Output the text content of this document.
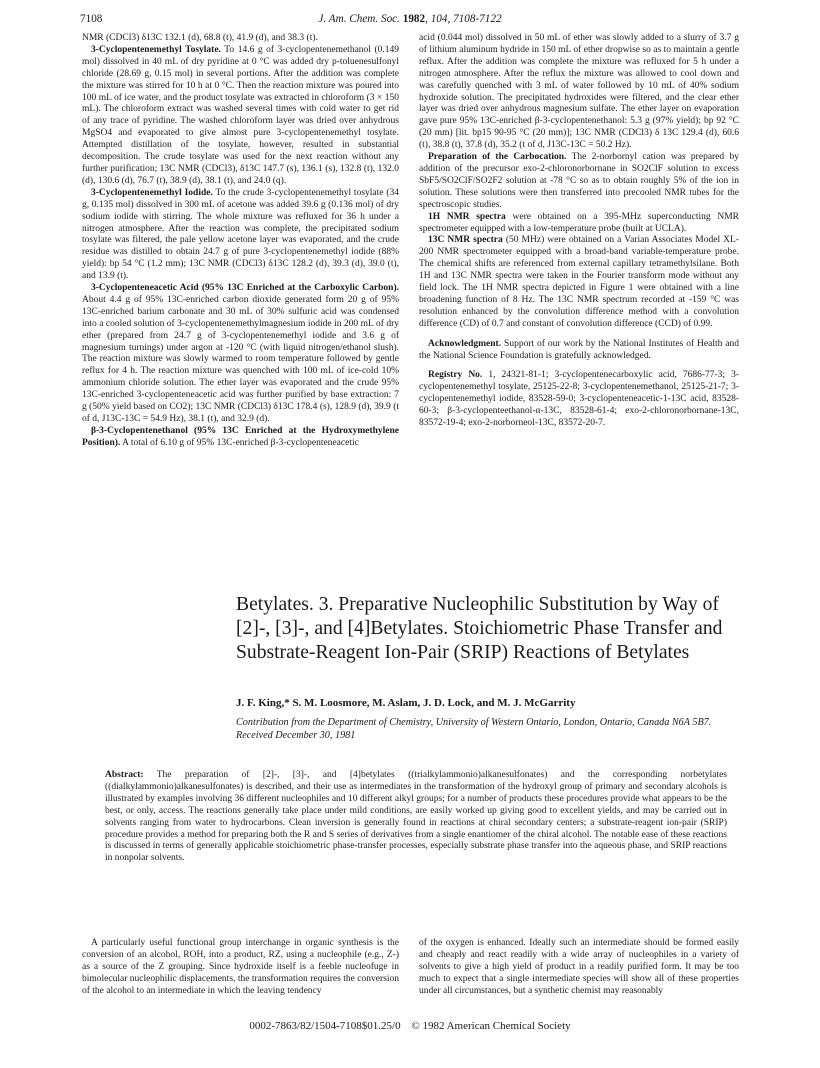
7108	J. Am. Chem. Soc. 1982, 104, 7108-7122

NMR (CDCl3) δ13C 132.1 (d), 68.8 (t), 41.9 (d), and 38.3 (t).

3-Cyclopentenemethyl Tosylate. To 14.6 g of 3-cyclopentenemethanol (0.149 mol) dissolved in 40 mL of dry pyridine at 0 °C was added dry p-toluenesulfonyl chloride (28.69 g, 0.15 mol) in several portions. After the addition was complete the mixture was stirred for 10 h at 0 °C. Then the reaction mixture was poured into 100 mL of ice water, and the product tosylate was extracted in chloroform (3 × 150 mL). The chloroform extract was washed several times with cold water to get rid of any trace of pyridine. The washed chloroform layer was dried over anhydrous MgSO4 and evaporated to give almost pure 3-cyclopentenemethyl tosylate. Attempted distillation of the tosylate, however, resulted in substantial decomposition. The crude tosylate was used for the next reaction without any further purification; 13C NMR (CDCl3), δ13C 147.7 (s), 136.1 (s), 132.8 (t), 132.0 (d), 130.6 (d), 76.7 (t), 38.9 (d), 38.1 (t), and 24.0 (q).

3-Cyclopentenemethyl Iodide. To the crude 3-cyclopentenemethyl tosylate (34 g, 0.135 mol) dissolved in 300 mL of acetone was added 39.6 g (0.136 mol) of dry sodium iodide with stirring. The whole mixture was refluxed for 36 h under a nitrogen atmosphere. After the reaction was complete, the precipitated sodium tosylate was filtered, the pale yellow acetone layer was evaporated, and the crude residue was distilled to obtain 24.7 g of pure 3-cyclopentenemethyl iodide (88% yield): bp 54 °C (1.2 mm); 13C NMR (CDCl3) δ13C 128.2 (d), 39.3 (d), 39.0 (t), and 13.9 (t).

3-Cyclopenteneacetic Acid (95% 13C Enriched at the Carboxylic Carbon). About 4.4 g of 95% 13C-enriched carbon dioxide generated form 20 g of 95% 13C-enriched barium carbonate and 30 mL of 30% sulfuric acid was condensed into a cooled solution of 3-cyclopentenemethylmagnesium iodide in 200 mL of dry ether (prepared from 24.7 g of 3-cyclopentenemethyl iodide and 3.6 g of magnesium turnings) under argon at -120 °C (with liquid nitrogen/ethanol slush). The reaction mixture was slowly warmed to room temperature followed by gentle reflux for 4 h. The reaction mixture was quenched with 100 mL of ice-cold 10% ammonium chloride solution. The ether layer was evaporated and the crude 95% 13C-enriched 3-cyclopenteneacetic acid was further purified by base extraction: 7 g (50% yield based on CO2); 13C NMR (CDCl3) δ13C 178.4 (s), 128.9 (d), 39.9 (t of d, J13C-13C = 54.9 Hz), 38.1 (t), and 32.9 (d).

β-3-Cyclopentenethanol (95% 13C Enriched at the Hydroxymethylene Position). A total of 6.10 g of 95% 13C-enriched β-3-cyclopenteneacetic

acid (0.044 mol) dissolved in 50 mL of ether was slowly added to a slurry of 3.7 g of lithium aluminum hydride in 150 mL of ether dropwise so as to maintain a gentle reflux. After the addition was complete the mixture was refluxed for 5 h under a nitrogen atmosphere. After the reflux the mixture was allowed to cool down and was carefully quenched with 3 mL of water followed by 10 mL of 40% sodium hydroxide solution. The precipitated hydroxides were filtered, and the clear ether layer was dried over anhydrous magnesium sulfate. The ether layer on evaporation gave pure 95% 13C-enriched β-3-cyclopentenethanol: 5.3 g (97% yield); bp 92 °C (20 mm) [lit. bp15 90-95 °C (20 mm)]; 13C NMR (CDCl3) δ 13C 129.4 (d), 60.6 (t), 38.8 (t), 37.8 (d), 35.2 (t of d, J13C-13C = 50.2 Hz).

Preparation of the Carbocation. The 2-norbornyl cation was prepared by addition of the precursor exo-2-chloronorbornane in SO2ClF solution to excess SbF5/SO2ClF/SO2F2 solution at -78 °C so as to obtain roughly 5% of the ion in solution. These solutions were then transferred into precooled NMR tubes for the spectroscopic studies.

1H NMR spectra were obtained on a 395-MHz superconducting NMR spectrometer equipped with a low-temperature probe (built at UCLA).

13C NMR spectra (50 MHz) were obtained on a Varian Associates Model XL-200 NMR spectrometer equipped with a broad-band variable-temperature probe. The chemical shifts are referenced from external capillary tetramethylsilane. Both 1H and 13C NMR spectra were taken in the Fourier transform mode without any field lock. The 1H NMR spectra depicted in Figure 1 were obtained with a line broadening function of 8 Hz. The 13C NMR spectrum recorded at -159 °C was resolution enhanced by the convolution difference method with a convolution difference (CD) of 0.7 and constant of convolution difference (CCD) of 0.99.

Acknowledgment. Support of our work by the National Institutes of Health and the National Science Foundation is gratefully acknowledged.

Registry No. 1, 24321-81-1; 3-cyclopentenecarboxylic acid, 7686-77-3; 3-cyclopentenemethyl tosylate, 25125-22-8; 3-cyclopentenemethanol, 25125-21-7; 3-cyclopentenemethyl iodide, 83528-59-0; 3-cyclopenteneacetic-1-13C acid, 83528-60-3; β-3-cyclopenteethanol-α-13C, 83528-61-4; exo-2-chloronorbornane-13C, 83572-19-4; exo-2-norborneol-13C, 83572-20-7.

Betylates. 3. Preparative Nucleophilic Substitution by Way of [2]-, [3]-, and [4]Betylates. Stoichiometric Phase Transfer and Substrate-Reagent Ion-Pair (SRIP) Reactions of Betylates
J. F. King,* S. M. Loosmore, M. Aslam, J. D. Lock, and M. J. McGarrity
Contribution from the Department of Chemistry, University of Western Ontario, London, Ontario, Canada N6A 5B7. Received December 30, 1981

Abstract: The preparation of [2]-, [3]-, and [4]betylates ((trialkylammonio)alkanesulfonates) and the corresponding norbetylates ((dialkylammonio)alkanesulfonates) is described, and their use as intermediates in the transformation of the hydroxyl group of primary and secondary alcohols is illustrated by examples involving 36 different nucleophiles and 10 different alkyl groups; for a number of products these procedures provide what appears to be the best, or only, access. The reactions generally take place under mild conditions, are easily worked up giving good to excellent yields, and may be carried out in solvents ranging from water to hydrocarbons. Clean inversion is generally found in reactions at chiral secondary centers; a substrate-reagent ion-pair (SRIP) procedure provides a method for preparing both the R and S series of derivatives from a single enantiomer of the chiral alcohol. The notable ease of these reactions is discussed in terms of generally applicable stoichiometric phase-transfer processes, especially substrate phase transfer into the aqueous phase, and SRIP reactions in nonpolar solvents.

A particularly useful functional group interchange in organic synthesis is the conversion of an alcohol, ROH, into a product, RZ, using a nucleophile (e.g., Z-) as a source of the Z grouping. Since hydroxide itself is a feeble nucleofuge in bimolecular nucleophilic displacements, the transformation requires the conversion of the alcohol to an intermediate in which the leaving tendency

of the oxygen is enhanced. Ideally such an intermediate should be formed easily and cheaply and react readily with a wide array of nucleophiles in a variety of solvents to give a high yield of product in a readily purified form. It may be too much to expect that a single intermediate species will show all of these properties under all circumstances, but a synthetic chemist may reasonably

0002-7863/82/1504-7108$01.25/0 © 1982 American Chemical Society
